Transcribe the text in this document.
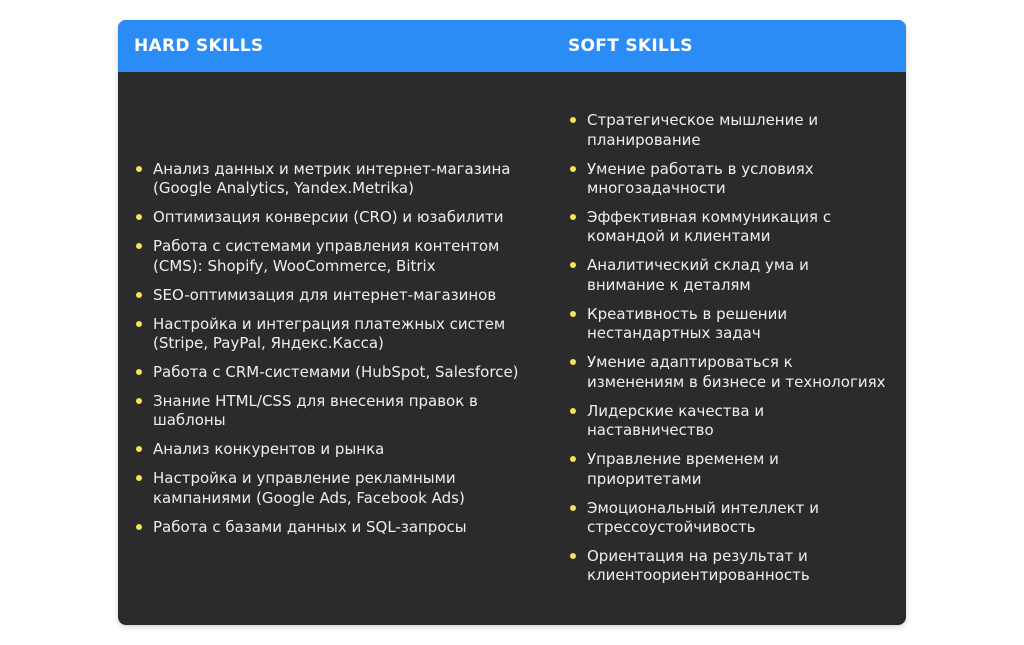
HARD SKILLS	SOFT SKILLS
Анализ данных и метрик интернет-магазина (Google Analytics, Yandex.Metrika)
Оптимизация конверсии (CRO) и юзабилити
Работа с системами управления контентом (CMS): Shopify, WooCommerce, Bitrix
SEO-оптимизация для интернет-магазинов
Настройка и интеграция платежных систем (Stripe, PayPal, Яндекс.Касса)
Работа с CRM-системами (HubSpot, Salesforce)
Знание HTML/CSS для внесения правок в шаблоны
Анализ конкурентов и рынка
Настройка и управление рекламными кампаниями (Google Ads, Facebook Ads)
Работа с базами данных и SQL-запросы
Стратегическое мышление и планирование
Умение работать в условиях многозадачности
Эффективная коммуникация с командой и клиентами
Аналитический склад ума и внимание к деталям
Креативность в решении нестандартных задач
Умение адаптироваться к изменениям в бизнесе и технологиях
Лидерские качества и наставничество
Управление временем и приоритетами
Эмоциональный интеллект и стрессоустойчивость
Ориентация на результат и клиентоориентированность
